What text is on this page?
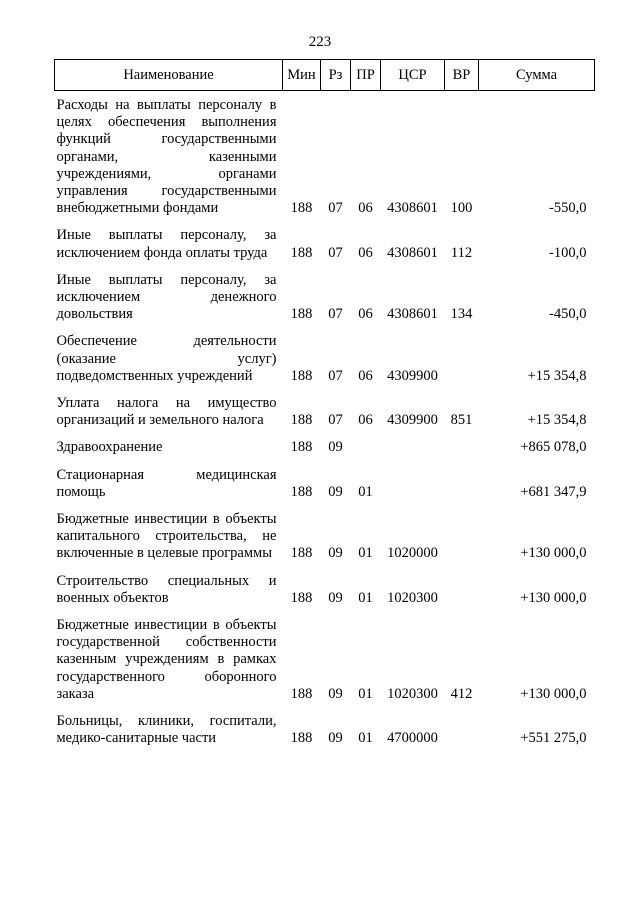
223
Наименование	Мин	Рз	ПР	ЦСР	ВР	Сумма
Расходы на выплаты персоналу в целях обеспечения выполнения функций государственными органами, казенными учреждениями, органами управления государственными внебюджетными фондами	188	07	06	4308601	100	-550,0
Иные выплаты персоналу, за исключением фонда оплаты труда	188	07	06	4308601	112	-100,0
Иные выплаты персоналу, за исключением денежного довольствия	188	07	06	4308601	134	-450,0
Обеспечение деятельности (оказание услуг) подведомственных учреждений	188	07	06	4309900		+15 354,8
Уплата налога на имущество организаций и земельного налога	188	07	06	4309900	851	+15 354,8
Здравоохранение	188	09				+865 078,0
Стационарная медицинская помощь	188	09	01			+681 347,9
Бюджетные инвестиции в объекты капитального строительства, не включенные в целевые программы	188	09	01	1020000		+130 000,0
Строительство специальных и военных объектов	188	09	01	1020300		+130 000,0
Бюджетные инвестиции в объекты государственной собственности казенным учреждениям в рамках государственного оборонного заказа	188	09	01	1020300	412	+130 000,0
Больницы, клиники, госпитали, медико-санитарные части	188	09	01	4700000		+551 275,0
